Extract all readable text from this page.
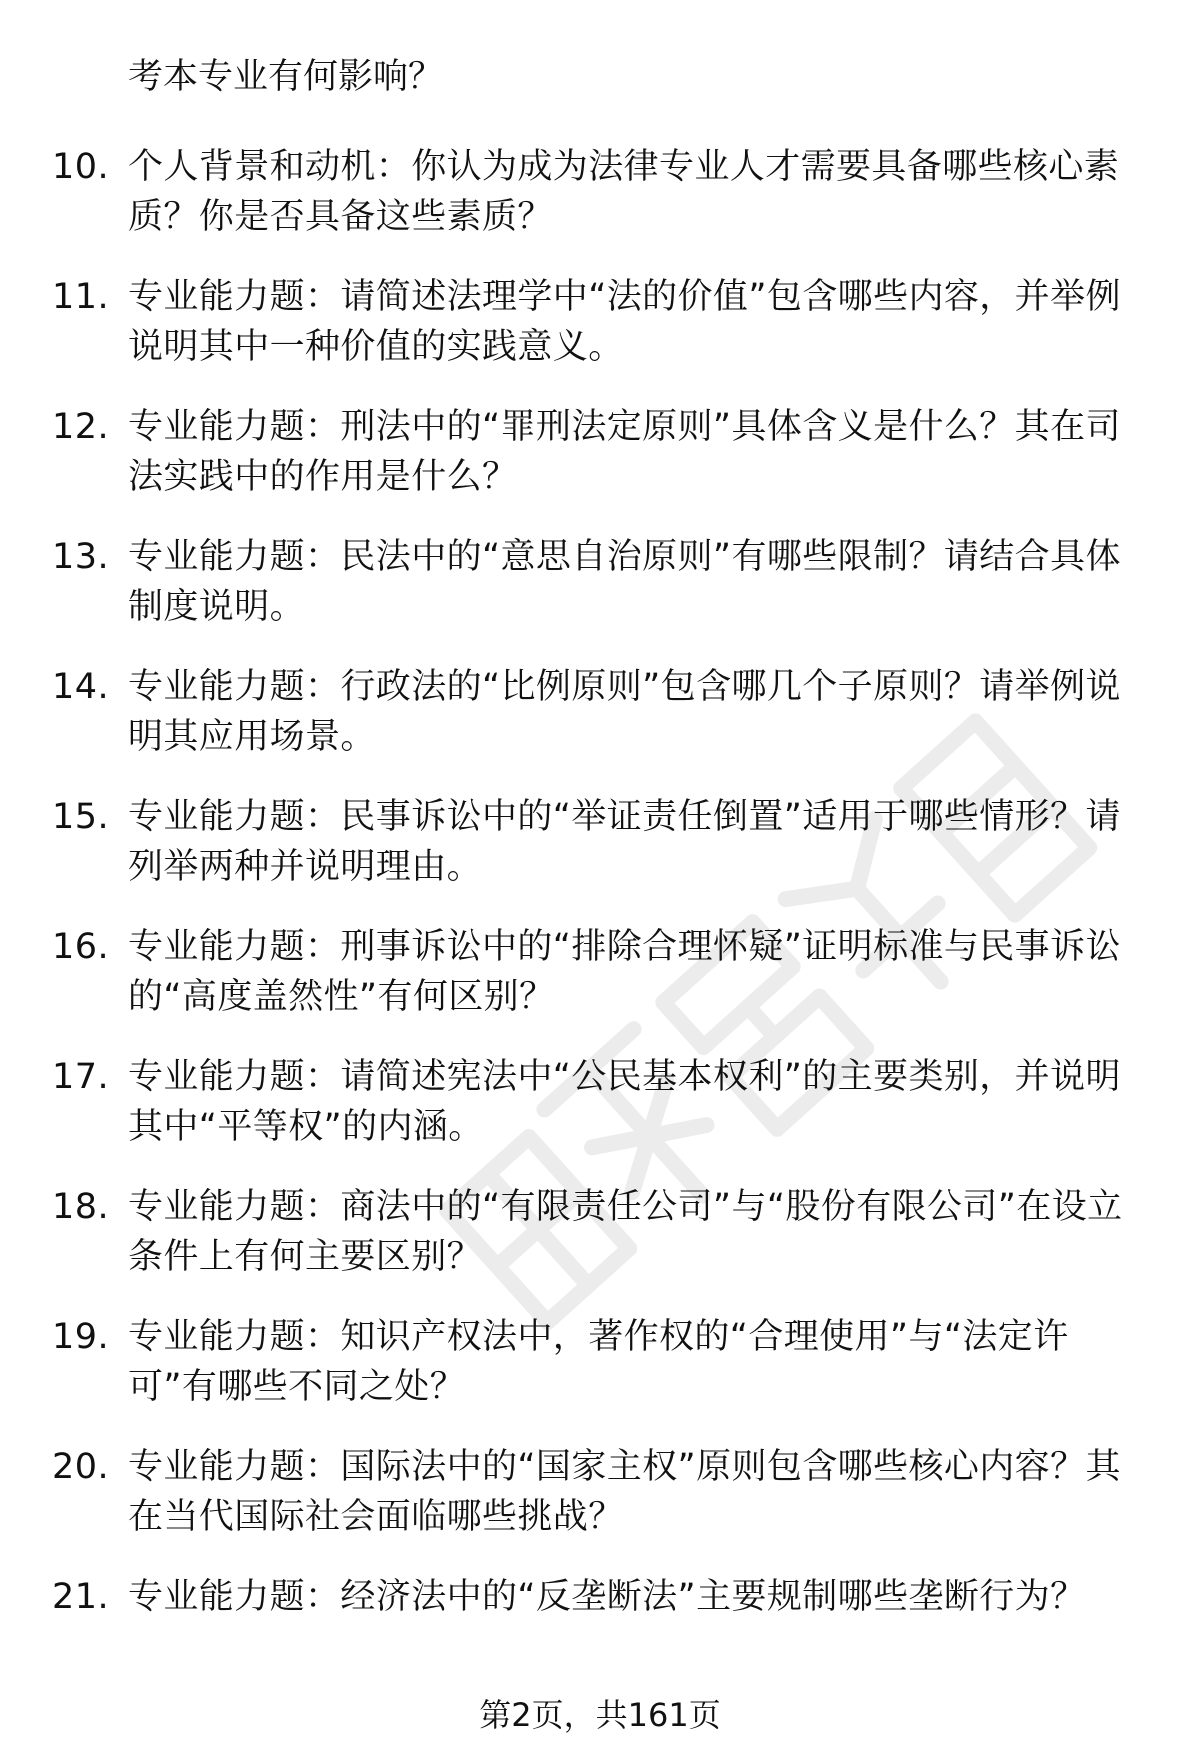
考本专业有何影响？

10. 个人背景和动机：你认为成为法律专业人才需要具备哪些核心素质？你是否具备这些素质？
11. 专业能力题：请简述法理学中“法的价值”包含哪些内容，并举例说明其中一种价值的实践意义。
12. 专业能力题：刑法中的“罪刑法定原则”具体含义是什么？其在司法实践中的作用是什么？
13. 专业能力题：民法中的“意思自治原则”有哪些限制？请结合具体制度说明。
14. 专业能力题：行政法的“比例原则”包含哪几个子原则？请举例说明其应用场景。
15. 专业能力题：民事诉讼中的“举证责任倒置”适用于哪些情形？请列举两种并说明理由。
16. 专业能力题：刑事诉讼中的“排除合理怀疑”证明标准与民事诉讼的“高度盖然性”有何区别？
17. 专业能力题：请简述宪法中“公民基本权利”的主要类别，并说明其中“平等权”的内涵。
18. 专业能力题：商法中的“有限责任公司”与“股份有限公司”在设立条件上有何主要区别？
19. 专业能力题：知识产权法中，著作权的“合理使用”与“法定许可”有哪些不同之处？
20. 专业能力题：国际法中的“国家主权”原则包含哪些核心内容？其在当代国际社会面临哪些挑战？
21. 专业能力题：经济法中的“反垄断法”主要规制哪些垄断行为？
第2页，共161页
